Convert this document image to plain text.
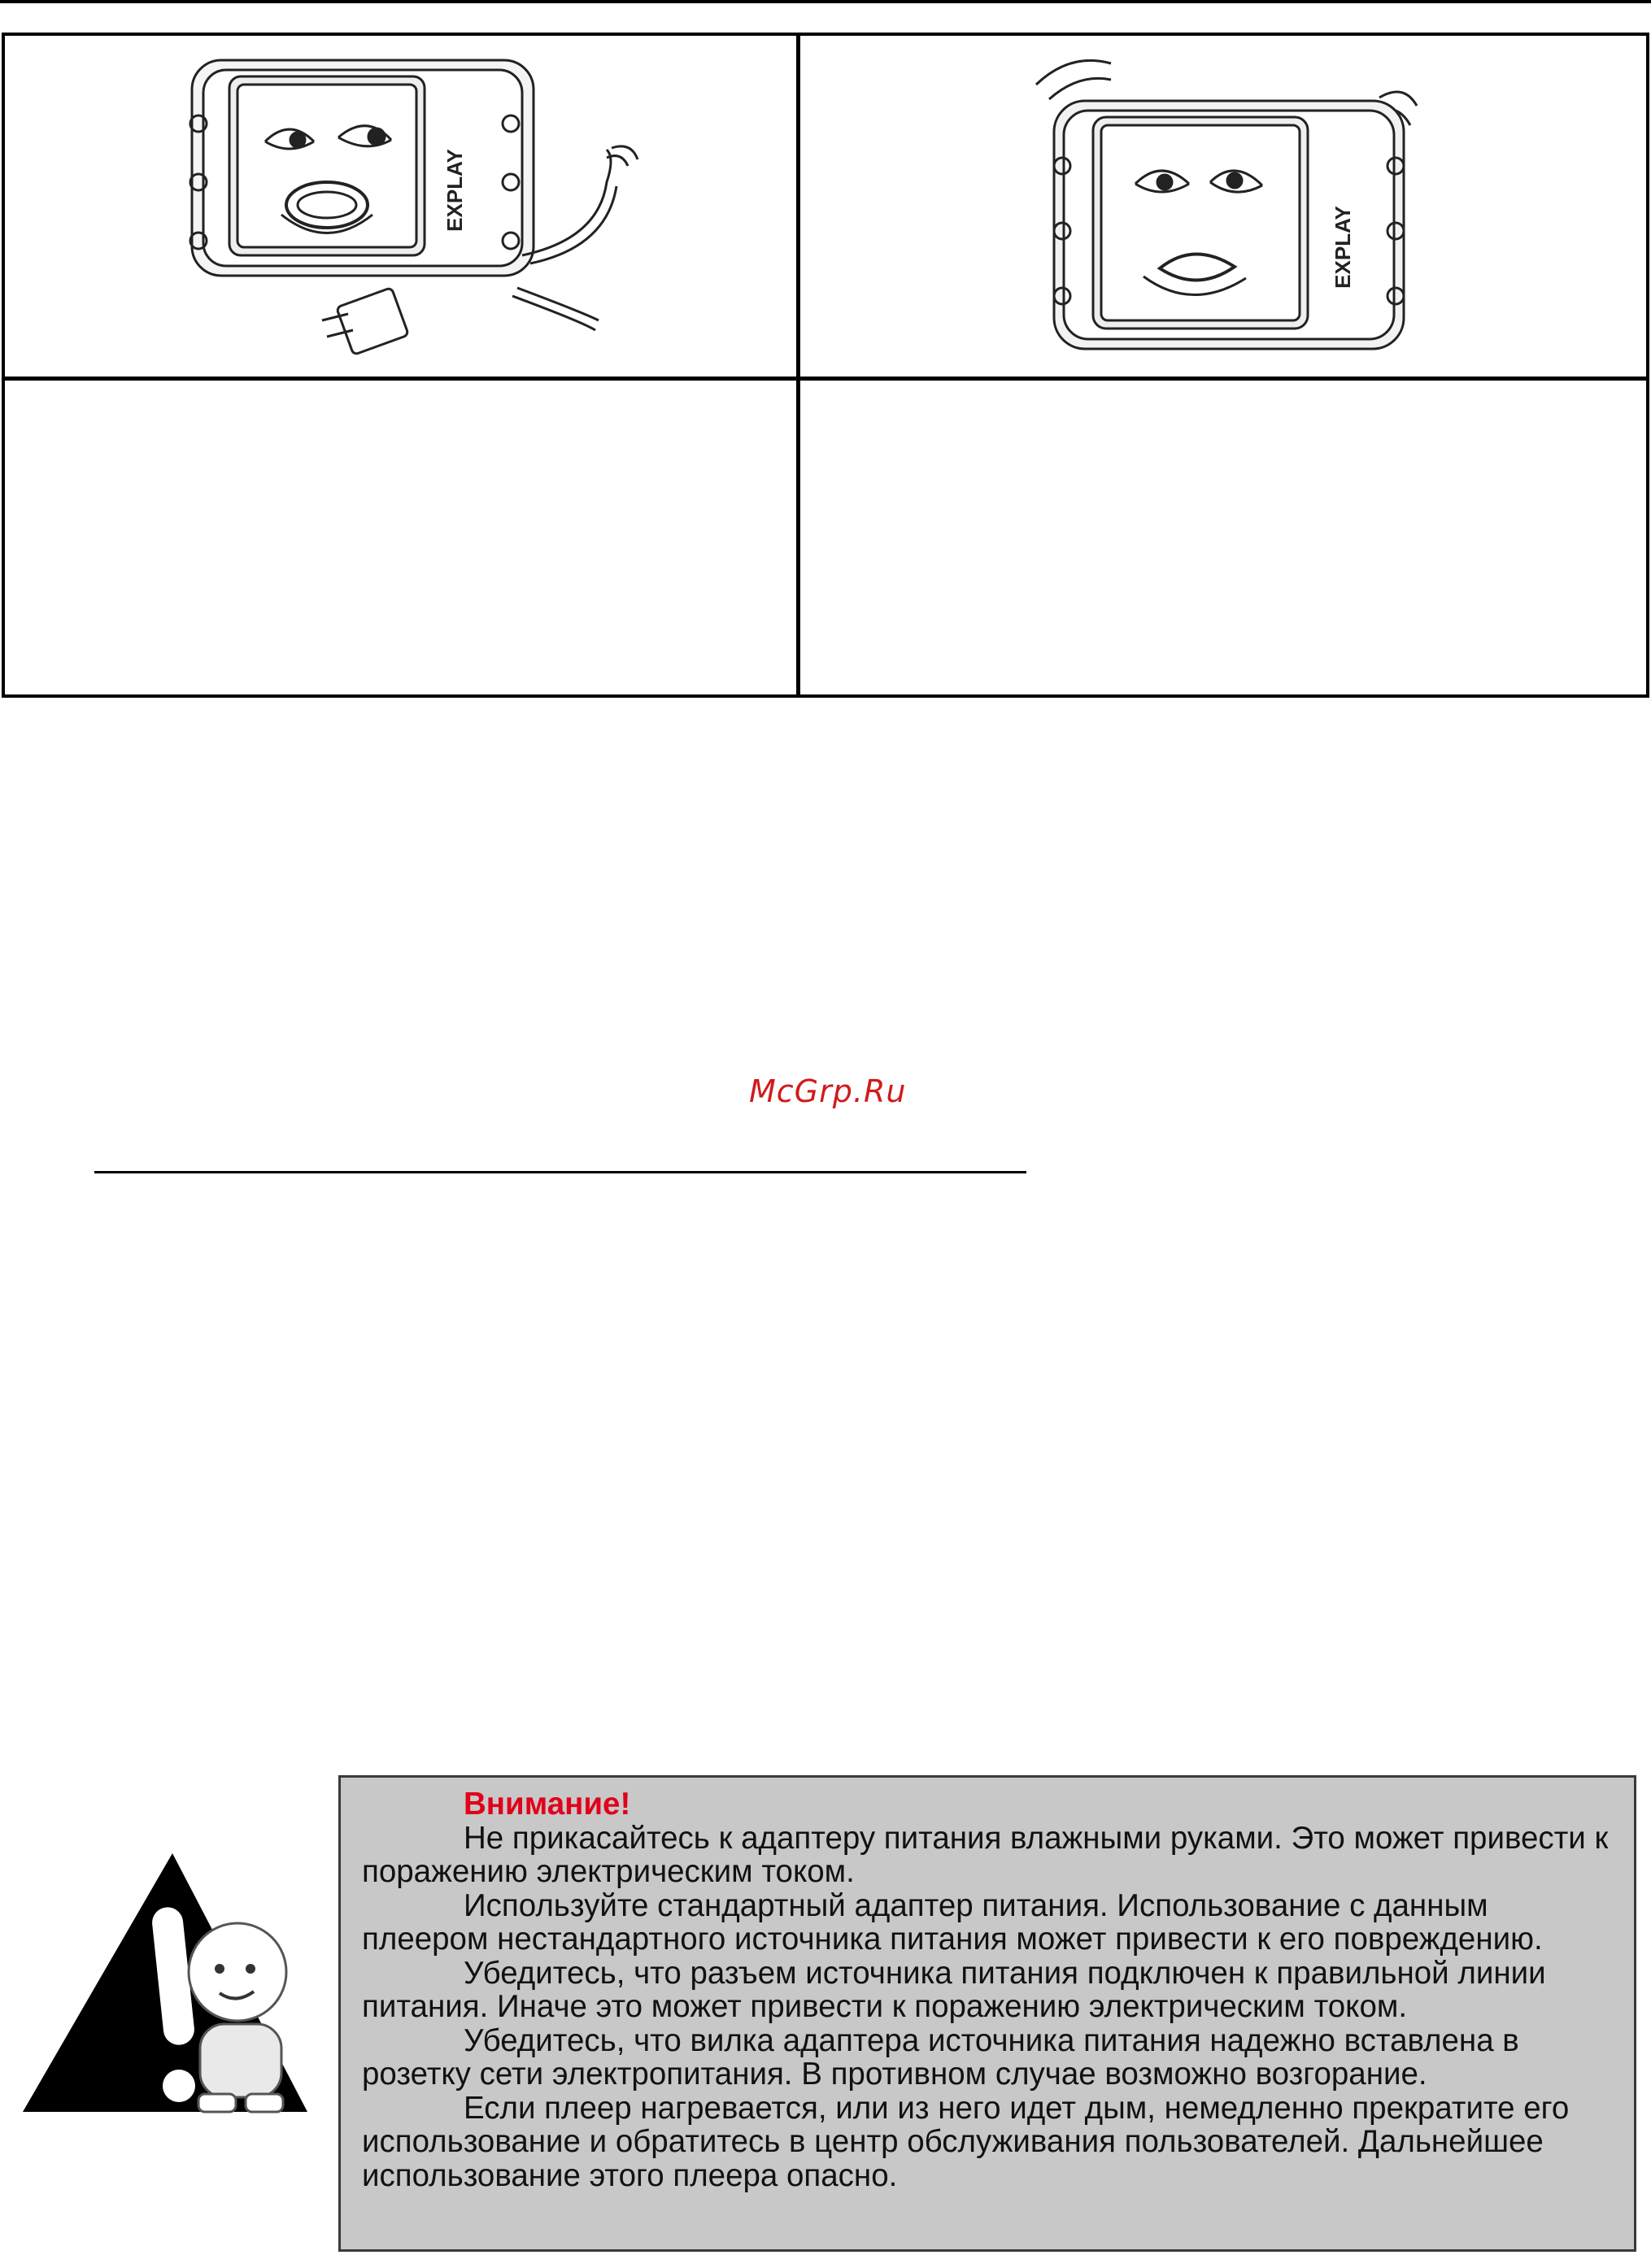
EXPLAY
EXPLAY
McGrp.Ru
Внимание!

Не прикасайтесь к адаптеру питания влажными руками. Это может привести к поражению электрическим током.

Используйте стандартный адаптер питания. Использование с данным плеером нестандартного источника питания может привести к его повреждению.

Убедитесь, что разъем источника питания подключен к правильной линии питания. Иначе это может привести к поражению электрическим током.

Убедитесь, что вилка адаптера источника питания надежно вставлена в розетку сети электропитания. В противном случае возможно возгорание.

Если плеер нагревается, или из него идет дым, немедленно прекратите его использование и обратитесь в центр обслуживания пользователей. Дальнейшее использование этого плеера опасно.
